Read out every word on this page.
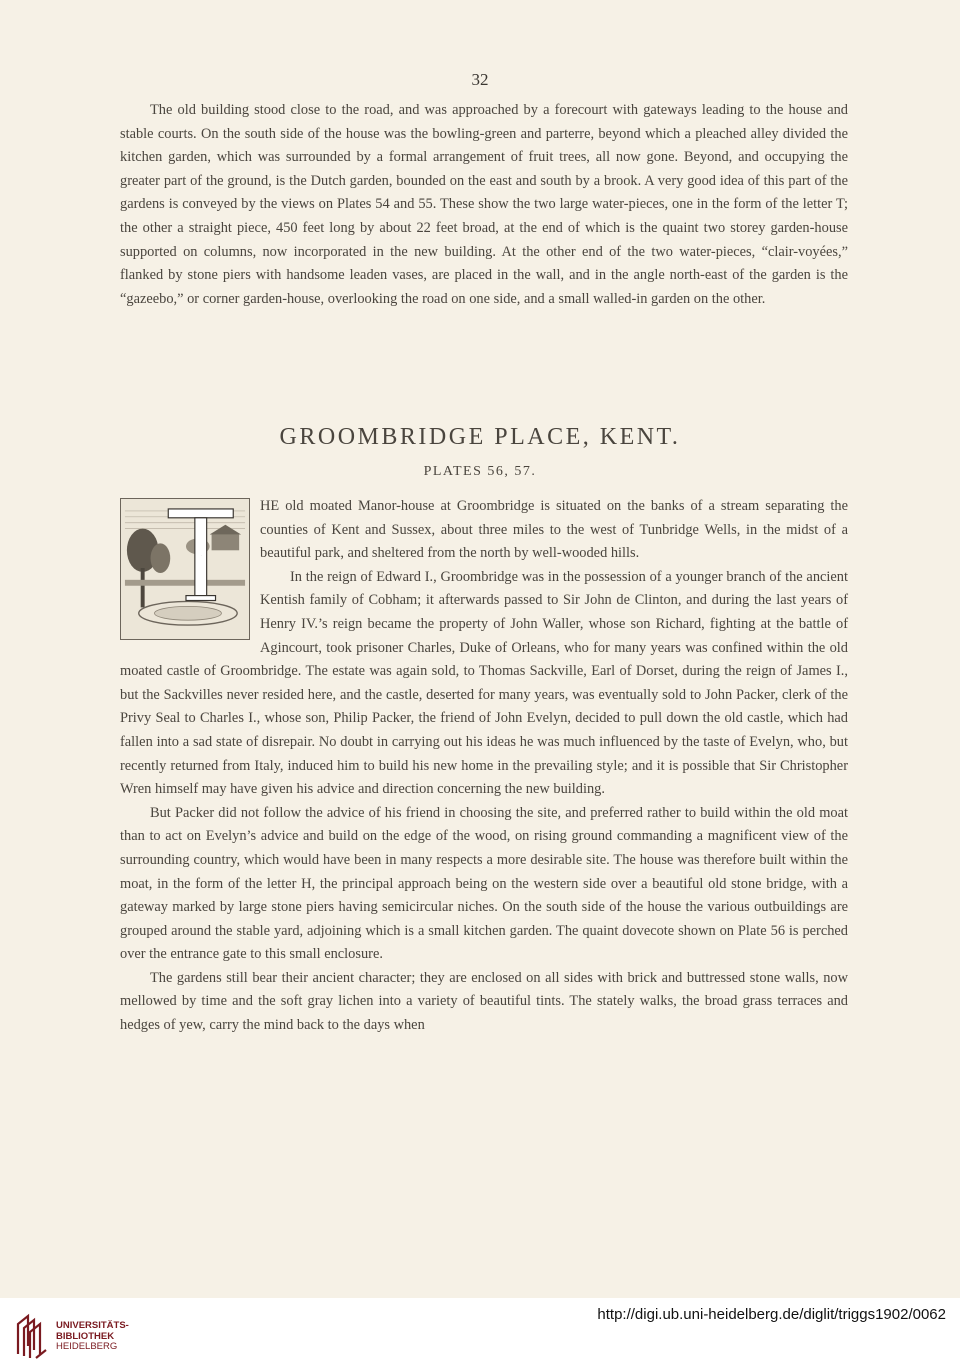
32

The old building stood close to the road, and was approached by a forecourt with gateways leading to the house and stable courts. On the south side of the house was the bowling-green and parterre, beyond which a pleached alley divided the kitchen garden, which was surrounded by a formal arrangement of fruit trees, all now gone. Beyond, and occupying the greater part of the ground, is the Dutch garden, bounded on the east and south by a brook. A very good idea of this part of the gardens is conveyed by the views on Plates 54 and 55. These show the two large water-pieces, one in the form of the letter T; the other a straight piece, 450 feet long by about 22 feet broad, at the end of which is the quaint two storey garden-house supported on columns, now incorporated in the new building. At the other end of the two water-pieces, “clair-voyées,” flanked by stone piers with handsome leaden vases, are placed in the wall, and in the angle north-east of the garden is the “gazeebo,” or corner garden-house, overlooking the road on one side, and a small walled-in garden on the other.

GROOMBRIDGE PLACE, KENT.
PLATES 56, 57.
T

HE old moated Manor-house at Groombridge is situated on the banks of a stream separating the counties of Kent and Sussex, about three miles to the west of Tunbridge Wells, in the midst of a beautiful park, and sheltered from the north by well-wooded hills.

In the reign of Edward I., Groombridge was in the possession of a younger branch of the ancient Kentish family of Cobham; it afterwards passed to Sir John de Clinton, and during the last years of Henry IV.’s reign became the property of John Waller, whose son Richard, fighting at the battle of Agincourt, took prisoner Charles, Duke of Orleans, who for many years was confined within the old moated castle of Groombridge. The estate was again sold, to Thomas Sackville, Earl of Dorset, during the reign of James I., but the Sackvilles never resided here, and the castle, deserted for many years, was eventually sold to John Packer, clerk of the Privy Seal to Charles I., whose son, Philip Packer, the friend of John Evelyn, decided to pull down the old castle, which had fallen into a sad state of disrepair. No doubt in carrying out his ideas he was much influenced by the taste of Evelyn, who, but recently returned from Italy, induced him to build his new home in the prevailing style; and it is possible that Sir Christopher Wren himself may have given his advice and direction concerning the new building.

But Packer did not follow the advice of his friend in choosing the site, and preferred rather to build within the old moat than to act on Evelyn’s advice and build on the edge of the wood, on rising ground commanding a magnificent view of the surrounding country, which would have been in many respects a more desirable site. The house was therefore built within the moat, in the form of the letter H, the principal approach being on the western side over a beautiful old stone bridge, with a gateway marked by large stone piers having semicircular niches. On the south side of the house the various outbuildings are grouped around the stable yard, adjoining which is a small kitchen garden. The quaint dovecote shown on Plate 56 is perched over the entrance gate to this small enclosure.

The gardens still bear their ancient character; they are enclosed on all sides with brick and buttressed stone walls, now mellowed by time and the soft gray lichen into a variety of beautiful tints. The stately walks, the broad grass terraces and hedges of yew, carry the mind back to the days when

UNIVERSITÄTS-
BIBLIOTHEK
HEIDELBERG
http://digi.ub.uni-heidelberg.de/diglit/triggs1902/0062
